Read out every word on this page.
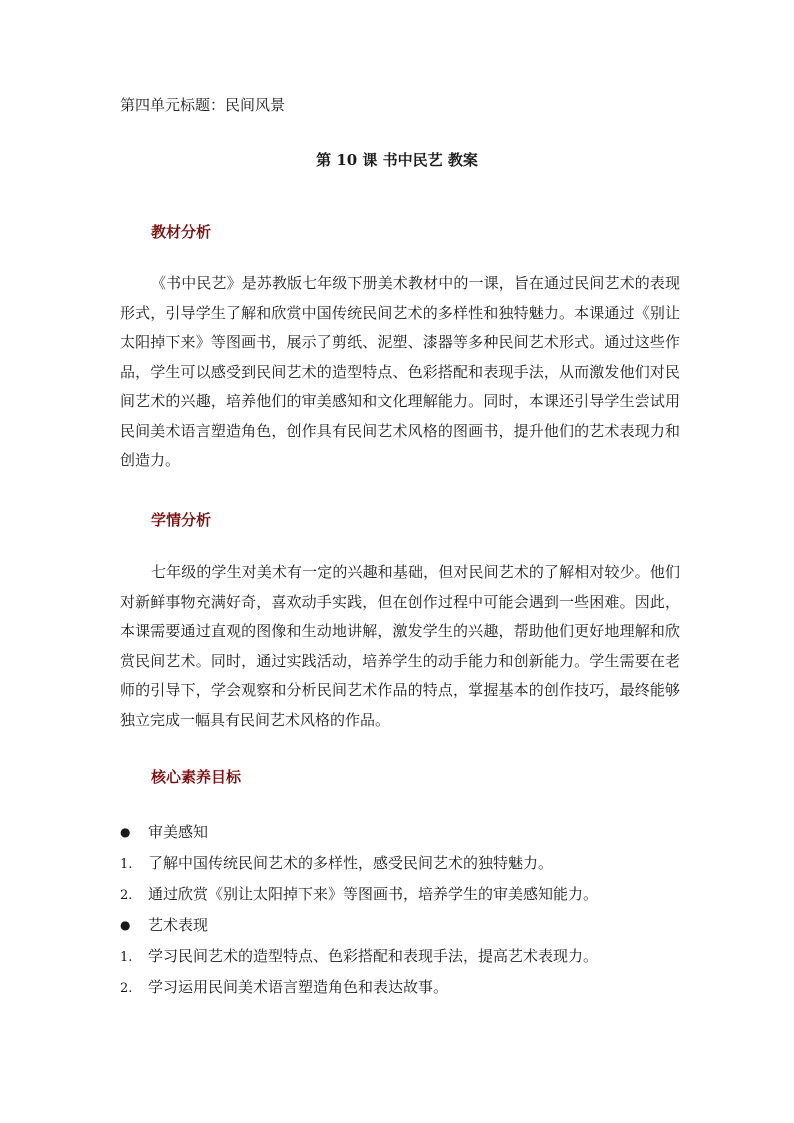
第四单元标题：民间风景
第 10 课 书中民艺 教案
教材分析

《书中民艺》是苏教版七年级下册美术教材中的一课，旨在通过民间艺术的表现形式，引导学生了解和欣赏中国传统民间艺术的多样性和独特魅力。本课通过《别让太阳掉下来》等图画书，展示了剪纸、泥塑、漆器等多种民间艺术形式。通过这些作品，学生可以感受到民间艺术的造型特点、色彩搭配和表现手法，从而激发他们对民间艺术的兴趣，培养他们的审美感知和文化理解能力。同时，本课还引导学生尝试用民间美术语言塑造角色，创作具有民间艺术风格的图画书，提升他们的艺术表现力和创造力。

学情分析

七年级的学生对美术有一定的兴趣和基础，但对民间艺术的了解相对较少。他们对新鲜事物充满好奇，喜欢动手实践，但在创作过程中可能会遇到一些困难。因此，本课需要通过直观的图像和生动地讲解，激发学生的兴趣，帮助他们更好地理解和欣赏民间艺术。同时，通过实践活动，培养学生的动手能力和创新能力。学生需要在老师的引导下，学会观察和分析民间艺术作品的特点，掌握基本的创作技巧，最终能够独立完成一幅具有民间艺术风格的作品。

核心素养目标
● 审美感知
1. 了解中国传统民间艺术的多样性，感受民间艺术的独特魅力。
2. 通过欣赏《别让太阳掉下来》等图画书，培养学生的审美感知能力。
● 艺术表现
1. 学习民间艺术的造型特点、色彩搭配和表现手法，提高艺术表现力。
2. 学习运用民间美术语言塑造角色和表达故事。
